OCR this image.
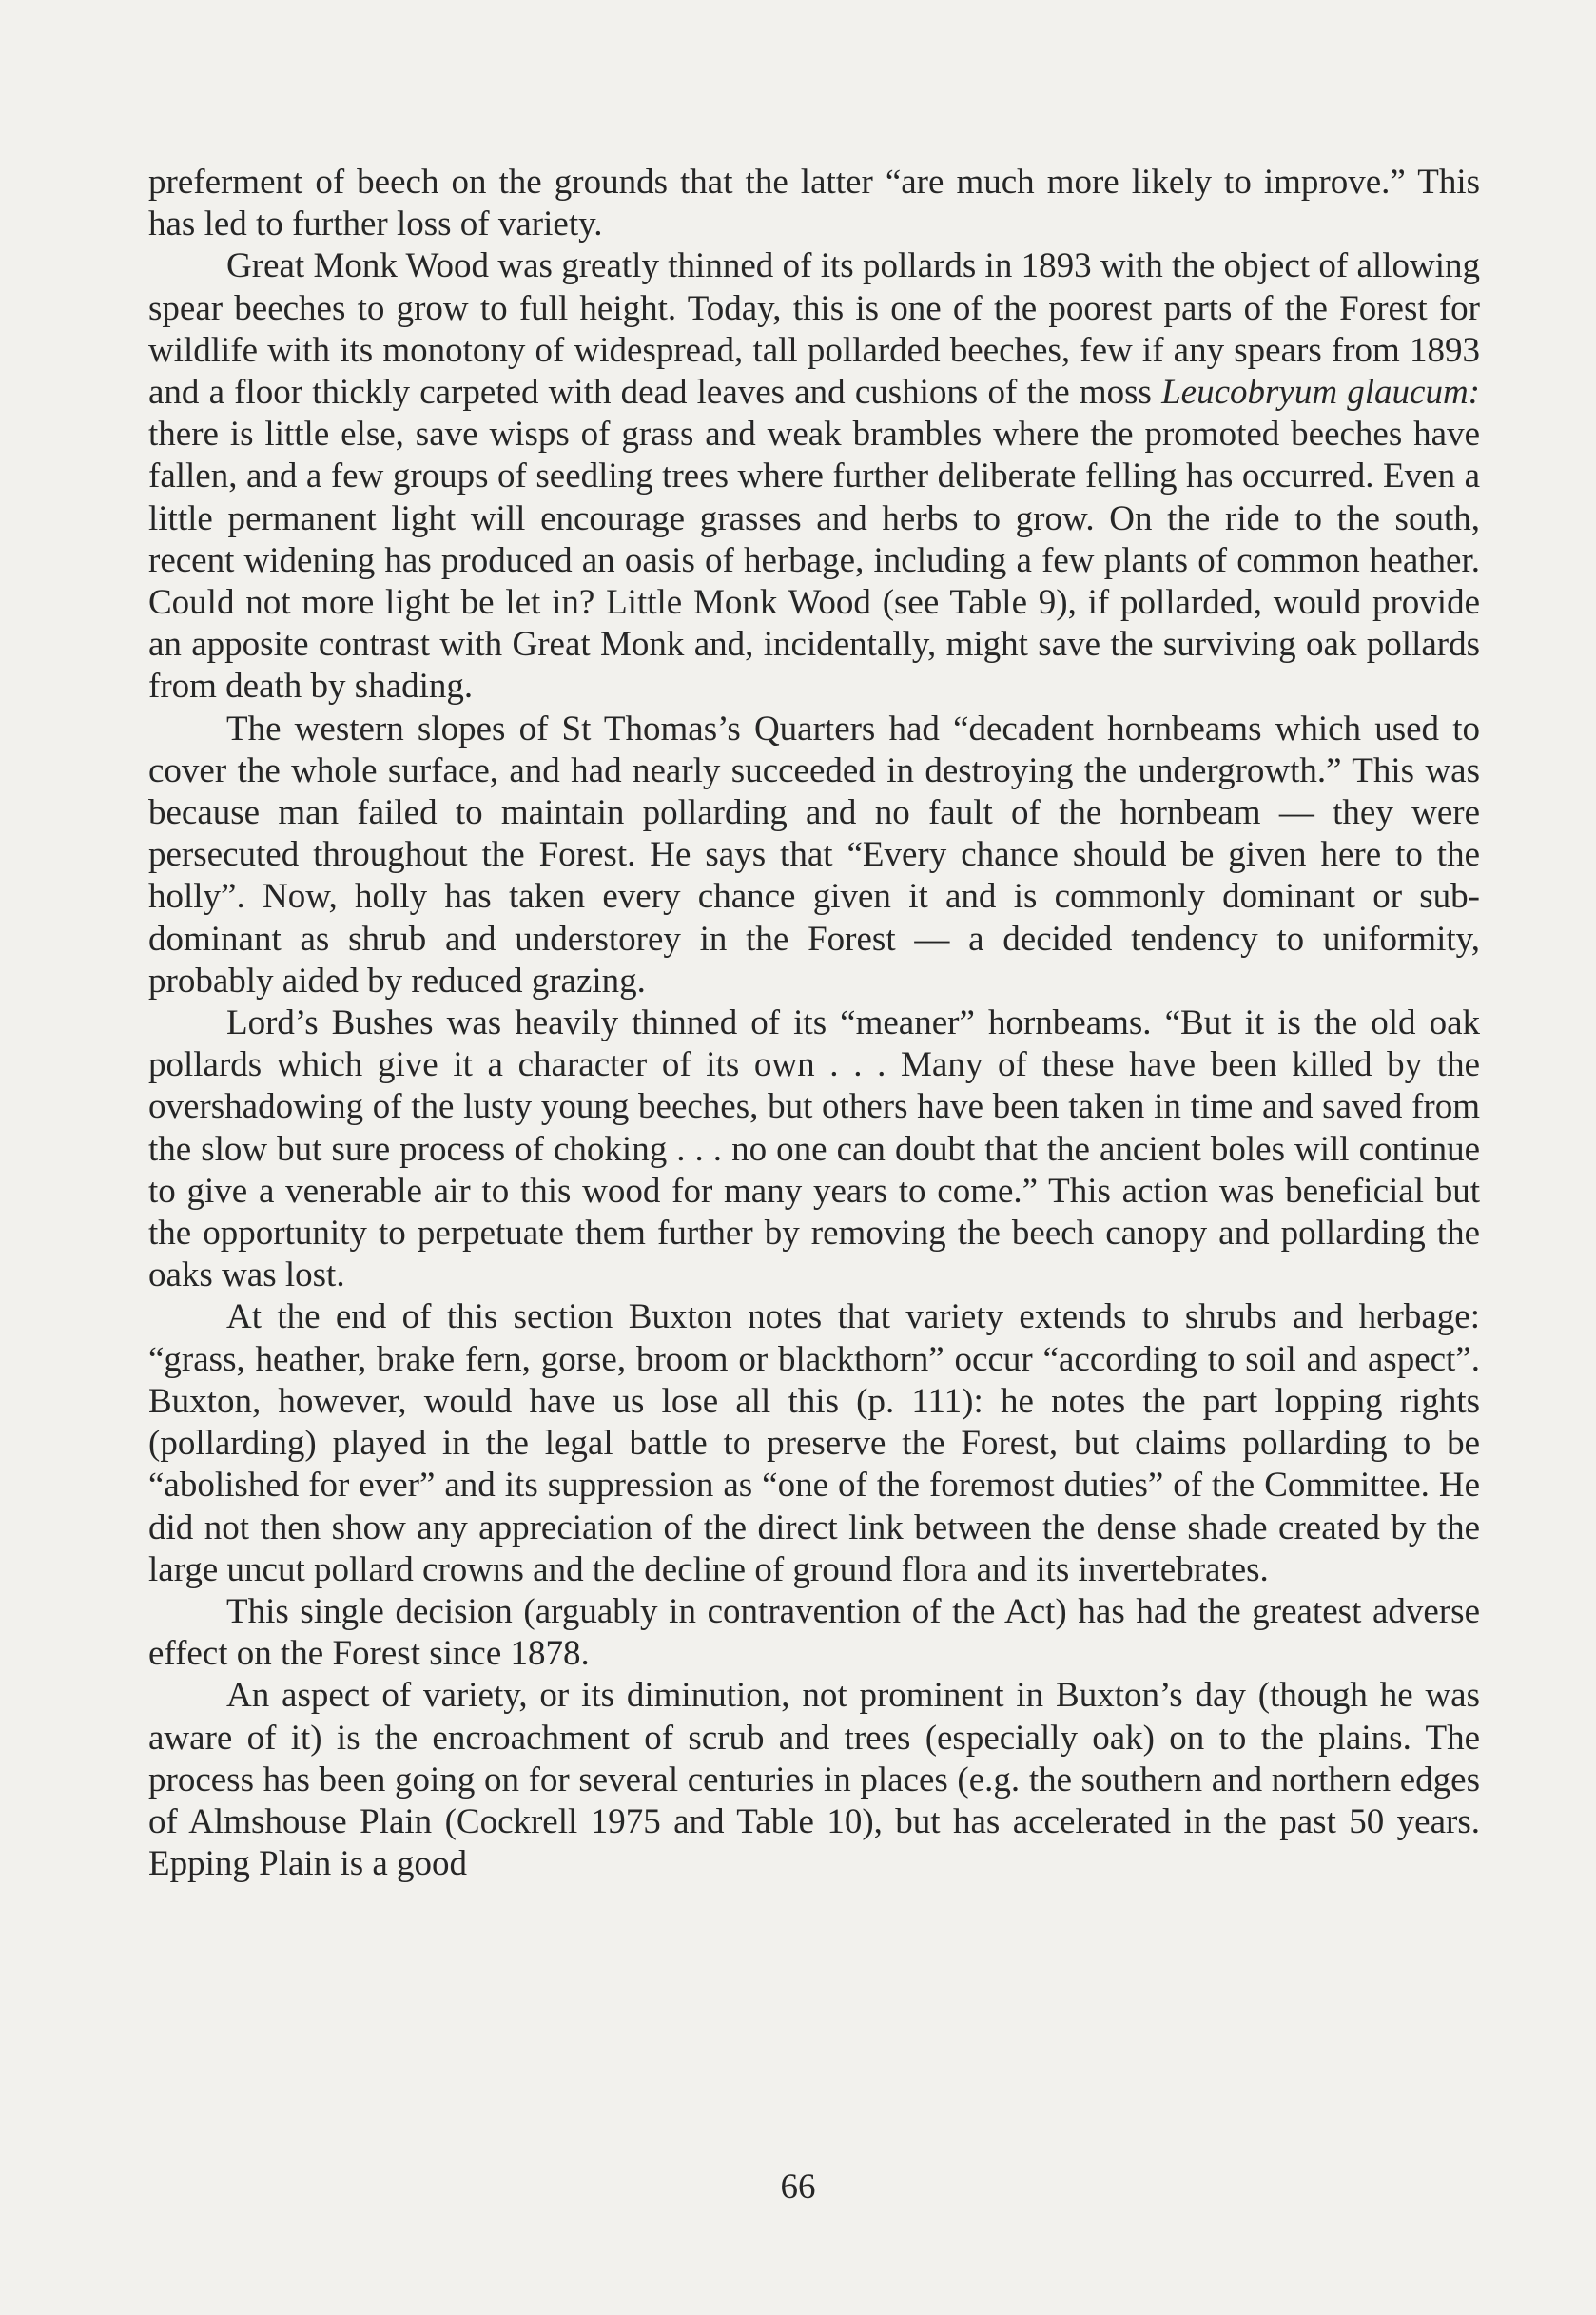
preferment of beech on the grounds that the latter “are much more likely to improve.” This has led to further loss of variety.

Great Monk Wood was greatly thinned of its pollards in 1893 with the object of allowing spear beeches to grow to full height. Today, this is one of the poorest parts of the Forest for wildlife with its monotony of widespread, tall pollarded beeches, few if any spears from 1893 and a floor thickly carpeted with dead leaves and cushions of the moss Leucobryum glaucum: there is little else, save wisps of grass and weak brambles where the promoted beeches have fallen, and a few groups of seedling trees where further deliberate felling has occurred. Even a little permanent light will encourage grasses and herbs to grow. On the ride to the south, recent widening has produced an oasis of herbage, including a few plants of common heather. Could not more light be let in? Little Monk Wood (see Table 9), if pollarded, would provide an apposite contrast with Great Monk and, incidentally, might save the surviving oak pollards from death by shading.

The western slopes of St Thomas’s Quarters had “decadent hornbeams which used to cover the whole surface, and had nearly succeeded in destroying the undergrowth.” This was because man failed to maintain pollarding and no fault of the hornbeam — they were persecuted throughout the Forest. He says that “Every chance should be given here to the holly”. Now, holly has taken every chance given it and is commonly dominant or sub-dominant as shrub and understorey in the Forest — a decided tendency to uniformity, probably aided by reduced grazing.

Lord’s Bushes was heavily thinned of its “meaner” hornbeams. “But it is the old oak pollards which give it a character of its own . . . Many of these have been killed by the overshadowing of the lusty young beeches, but others have been taken in time and saved from the slow but sure process of choking . . . no one can doubt that the ancient boles will continue to give a venerable air to this wood for many years to come.” This action was beneficial but the opportunity to perpetuate them further by removing the beech canopy and pollarding the oaks was lost.

At the end of this section Buxton notes that variety extends to shrubs and herbage: “grass, heather, brake fern, gorse, broom or blackthorn” occur “according to soil and aspect”. Buxton, however, would have us lose all this (p. 111): he notes the part lopping rights (pollarding) played in the legal battle to preserve the Forest, but claims pollarding to be “abolished for ever” and its suppression as “one of the foremost duties” of the Committee. He did not then show any appreciation of the direct link between the dense shade created by the large uncut pollard crowns and the decline of ground flora and its invertebrates.

This single decision (arguably in contravention of the Act) has had the greatest adverse effect on the Forest since 1878.

An aspect of variety, or its diminution, not prominent in Buxton’s day (though he was aware of it) is the encroachment of scrub and trees (especially oak) on to the plains. The process has been going on for several centuries in places (e.g. the southern and northern edges of Almshouse Plain (Cockrell 1975 and Table 10), but has accelerated in the past 50 years. Epping Plain is a good

66
